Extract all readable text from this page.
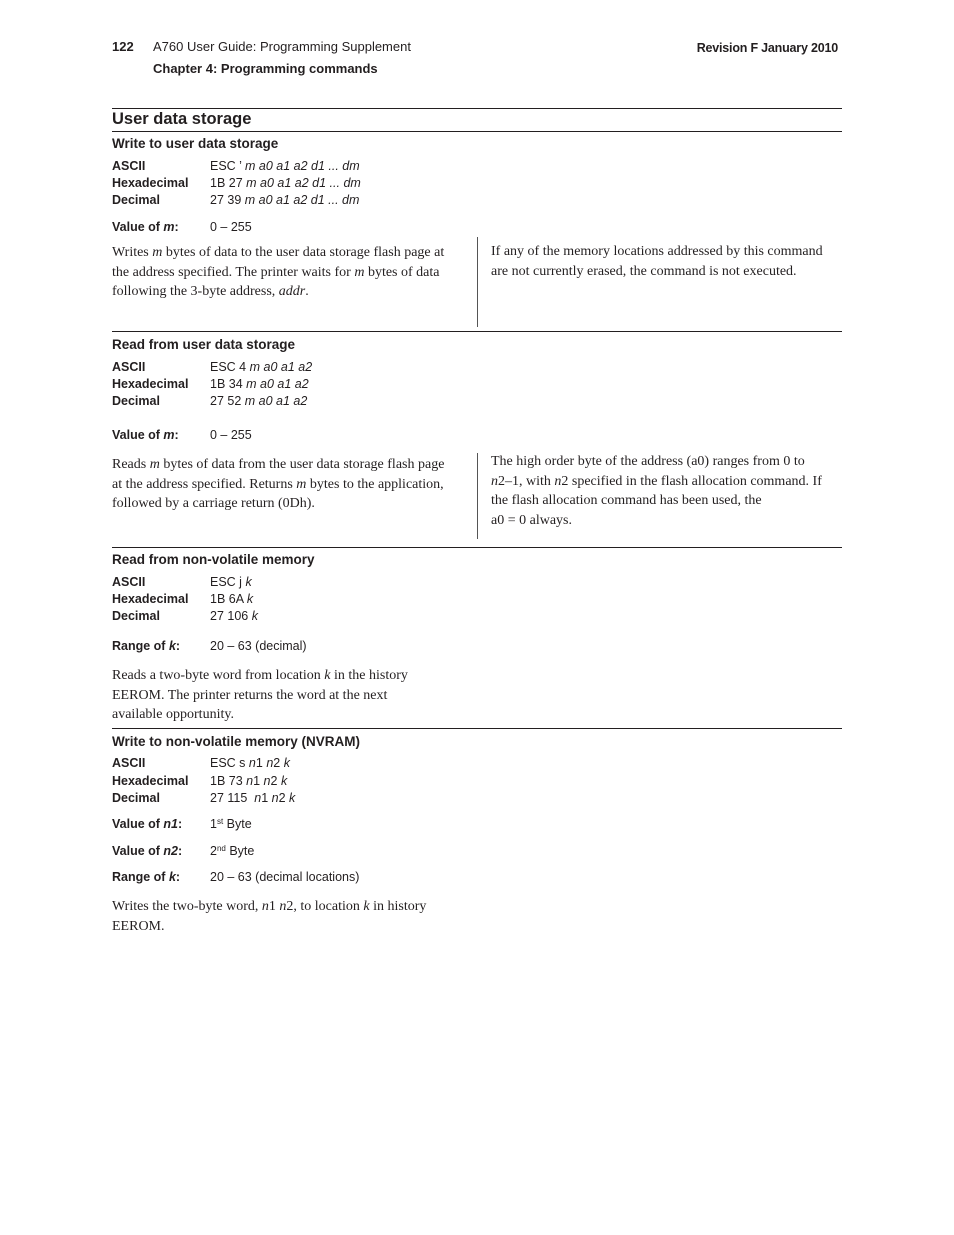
122 A760 User Guide: Programming Supplement
Chapter 4: Programming commands
Revision F January 2010
User data storage
Write to user data storage
ASCII	ESC ’ m a0 a1 a2 d1 ... dm
Hexadecimal 1B 27 m a0 a1 a2 d1 ... dm
Decimal	27 39 m a0 a1 a2 d1 ... dm
Value of m:	0 – 255
Writes m bytes of data to the user data storage flash page at
the address specified. The printer waits for m bytes of data
following the 3-byte address, addr.
If any of the memory locations addressed by this command
are not currently erased, the command is not executed.
Read from user data storage
ASCII	ESC 4 m a0 a1 a2
Hexadecimal 1B 34 m a0 a1 a2
Decimal	27 52 m a0 a1 a2
Value of m:	0 – 255
Reads m bytes of data from the user data storage flash page
at the address specified. Returns m bytes to the application,
followed by a carriage return (0Dh).
The high order byte of the address (a0) ranges from 0 to
n2–1, with n2 specified in the flash allocation command. If
the flash allocation command has been used, the
a0 = 0 always.
Read from non-volatile memory
ASCII	ESC j k
Hexadecimal 1B 6A k
Decimal	27 106 k
Range of k: 20 – 63 (decimal)
Reads a two-byte word from location k in the history
EEROM. The printer returns the word at the next
available opportunity.
Write to non-volatile memory (NVRAM)
ASCII	ESC s n1 n2 k
Hexadecimal 1B 73 n1 n2 k
Decimal	27 115 n1 n2 k
Value of n1: 1st Byte
Value of n2: 2nd Byte
Range of k: 20 – 63 (decimal locations)
Writes the two-byte word, n1 n2, to location k in history
EEROM.
